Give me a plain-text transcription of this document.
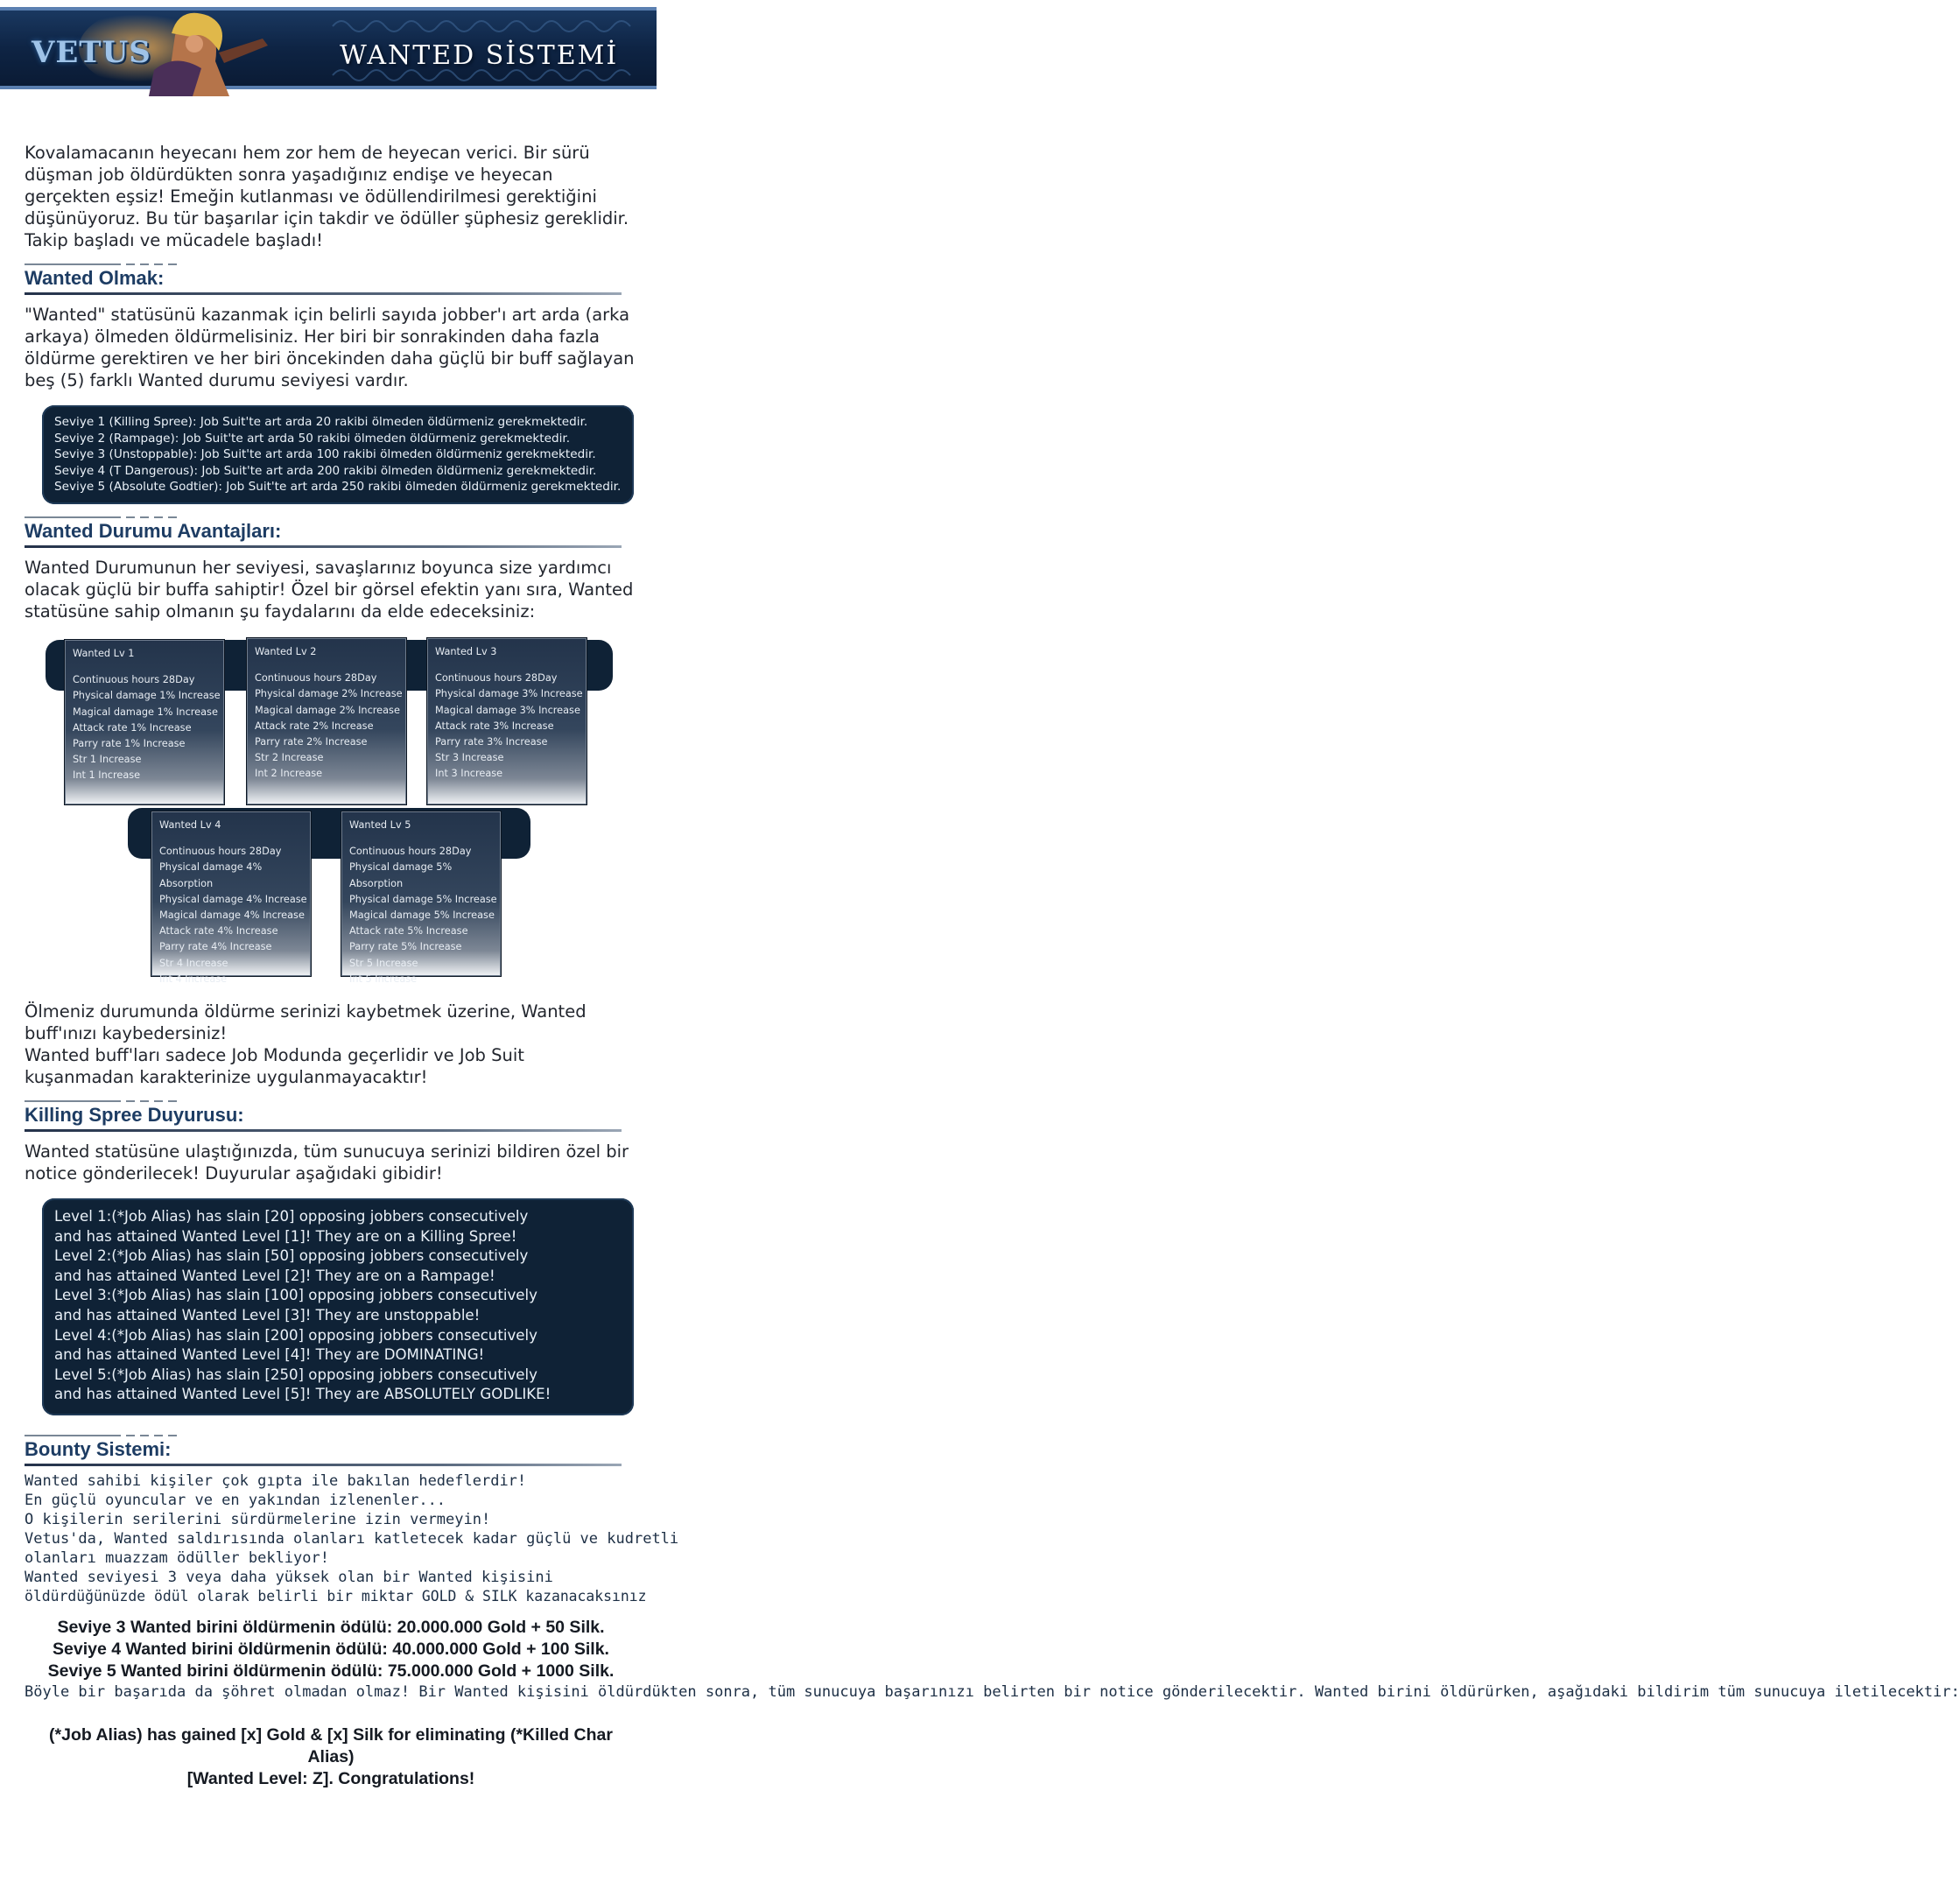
VETUS	WANTED SİSTEMİ

Kovalamacanın heyecanı hem zor hem de heyecan verici. Bir sürü düşman job öldürdükten sonra yaşadığınız endişe ve heyecan gerçekten eşsiz! Emeğin kutlanması ve ödüllendirilmesi gerektiğini düşünüyoruz. Bu tür başarılar için takdir ve ödüller şüphesiz gereklidir.

Takip başladı ve mücadele başladı!

Wanted Olmak:

"Wanted" statüsünü kazanmak için belirli sayıda jobber'ı art arda (arka arkaya) ölmeden öldürmelisiniz. Her biri bir sonrakinden daha fazla öldürme gerektiren ve her biri öncekinden daha güçlü bir buff sağlayan beş (5) farklı Wanted durumu seviyesi vardır.

Seviye 1 (Killing Spree): Job Suit'te art arda 20 rakibi ölmeden öldürmeniz gerekmektedir.
Seviye 2 (Rampage): Job Suit'te art arda 50 rakibi ölmeden öldürmeniz gerekmektedir.
Seviye 3 (Unstoppable): Job Suit'te art arda 100 rakibi ölmeden öldürmeniz gerekmektedir.
Seviye 4 (T Dangerous): Job Suit'te art arda 200 rakibi ölmeden öldürmeniz gerekmektedir.
Seviye 5 (Absolute Godtier): Job Suit'te art arda 250 rakibi ölmeden öldürmeniz gerekmektedir.
Wanted Durumu Avantajları:

Wanted Durumunun her seviyesi, savaşlarınız boyunca size yardımcı olacak güçlü bir buffa sahiptir! Özel bir görsel efektin yanı sıra, Wanted statüsüne sahip olmanın şu faydalarını da elde edeceksiniz:

Wanted Lv 1
Continuous hours 28Day
Physical damage 1% Increase
Magical damage 1% Increase
Attack rate 1% Increase
Parry rate 1% Increase
Str 1 Increase
Int 1 Increase
Wanted Lv 2
Continuous hours 28Day
Physical damage 2% Increase
Magical damage 2% Increase
Attack rate 2% Increase
Parry rate 2% Increase
Str 2 Increase
Int 2 Increase
Wanted Lv 3
Continuous hours 28Day
Physical damage 3% Increase
Magical damage 3% Increase
Attack rate 3% Increase
Parry rate 3% Increase
Str 3 Increase
Int 3 Increase
Wanted Lv 4
Continuous hours 28Day
Physical damage 4% Absorption
Physical damage 4% Increase
Magical damage 4% Increase
Attack rate 4% Increase
Parry rate 4% Increase
Str 4 Increase
Int 4 Increase
Wanted Lv 5
Continuous hours 28Day
Physical damage 5% Absorption
Physical damage 5% Increase
Magical damage 5% Increase
Attack rate 5% Increase
Parry rate 5% Increase
Str 5 Increase
Int 5 Increase

Ölmeniz durumunda öldürme serinizi kaybetmek üzerine, Wanted buff'ınızı kaybedersiniz!

Wanted buff'ları sadece Job Modunda geçerlidir ve Job Suit kuşanmadan karakterinize uygulanmayacaktır!

Killing Spree Duyurusu:

Wanted statüsüne ulaştığınızda, tüm sunucuya serinizi bildiren özel bir notice gönderilecek! Duyurular aşağıdaki gibidir!

Level 1:(*Job Alias) has slain [20] opposing jobbers consecutively
and has attained Wanted Level [1]! They are on a Killing Spree!
Level 2:(*Job Alias) has slain [50] opposing jobbers consecutively
and has attained Wanted Level [2]! They are on a Rampage!
Level 3:(*Job Alias) has slain [100] opposing jobbers consecutively
and has attained Wanted Level [3]! They are unstoppable!
Level 4:(*Job Alias) has slain [200] opposing jobbers consecutively
and has attained Wanted Level [4]! They are DOMINATING!
Level 5:(*Job Alias) has slain [250] opposing jobbers consecutively
and has attained Wanted Level [5]! They are ABSOLUTELY GODLIKE!
Bounty Sistemi:

Wanted sahibi kişiler çok gıpta ile bakılan hedeflerdir!

En güçlü oyuncular ve en yakından izlenenler...

O kişilerin serilerini sürdürmelerine izin vermeyin!

Vetus'da, Wanted saldırısında olanları katletecek kadar güçlü ve kudretli

olanları muazzam ödüller bekliyor!

Wanted seviyesi 3 veya daha yüksek olan bir Wanted kişisini

öldürdüğünüzde ödül olarak belirli bir miktar GOLD & SILK kazanacaksınız

Seviye 3 Wanted birini öldürmenin ödülü: 20.000.000 Gold + 50 Silk.
Seviye 4 Wanted birini öldürmenin ödülü: 40.000.000 Gold + 100 Silk.
Seviye 5 Wanted birini öldürmenin ödülü: 75.000.000 Gold + 1000 Silk.

Böyle bir başarıda da şöhret olmadan olmaz! Bir Wanted kişisini öldürdükten sonra, tüm sunucuya başarınızı belirten bir notice gönderilecektir. Wanted birini öldürürken, aşağıdaki bildirim tüm sunucuya iletilecektir:

(*Job Alias) has gained [x] Gold & [x] Silk for eliminating (*Killed Char Alias)
[Wanted Level: Z]. Congratulations!
